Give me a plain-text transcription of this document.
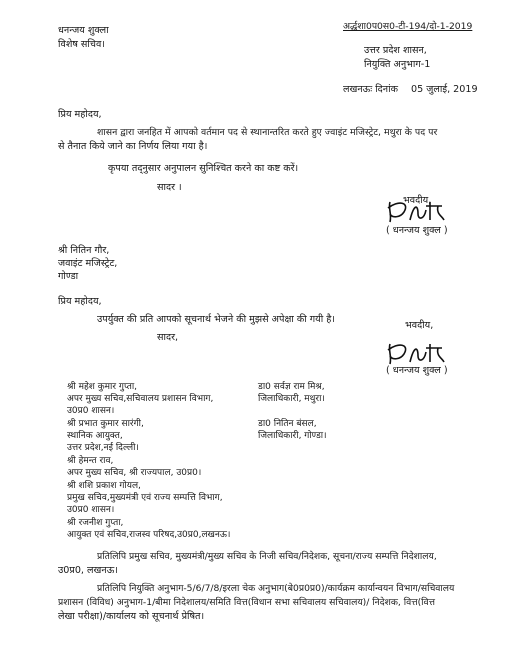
धनन्जय शुक्ला
विशेष सचिव।
अर्द्धशा0प0स0-टी-194/दो-1-2019
उत्तर प्रदेश शासन,
नियुक्ति अनुभाग-1
लखनऊः दिनांक 05 जुलाई, 2019
प्रिय महोदय,
शासन द्वारा जनहित में आपको वर्तमान पद से स्थानान्तरित करते हुए ज्वाइंट मजिस्ट्रेट, मथुरा के पद पर
से तैनात किये जाने का निर्णय लिया गया है।
कृपया तद्‌नुसार अनुपालन सुनिश्चित करने का कष्ट करें।
सादर ।
भवदीय,
( धनन्जय शुक्ल )
श्री नितिन गौर,
जवाइंट मजिस्ट्रेट,
गोण्डा
प्रिय महोदय,
उपर्युक्त की प्रति आपको सूचनार्थ भेजने की मुझसे अपेक्षा की गयी है।
सादर,
भवदीय,
( धनन्जय शुक्ल )
श्री महेश कुमार गुप्ता,
अपर मुख्य सचिव,सचिवालय प्रशासन विभाग,
उ0प्र0 शासन।
श्री प्रभात कुमार सारंगी,
स्थानिक आयुक्त,
उत्तर प्रदेश,नई दिल्ली।
श्री हेमन्त राव,
अपर मुख्य सचिव, श्री राज्यपाल, उ0प्र0।
श्री शशि प्रकाश गोयल,
प्रमुख सचिव,मुख्यमंत्री एवं राज्य सम्पत्ति विभाग,
उ0प्र0 शासन।
श्री रजनीश गुप्ता,
आयुक्त एवं सचिव,राजस्व परिषद,उ0प्र0,लखनऊ।
डा0 सर्वज्ञ राम मिश्र,
जिलाधिकारी, मथुरा।
डा0 नितिन बंसल,
जिलाधिकारी, गोण्डा।
प्रतिलिपि प्रमुख सचिव, मुख्यमंत्री/मुख्य सचिव के निजी सचिव/निदेशक, सूचना/राज्य सम्पत्ति निदेशालय,
उ0प्र0, लखनऊ।
प्रतिलिपि नियुक्ति अनुभाग-5/6/7/8/इरला चेक अनुभाग(बे0प्र0प्र0)/कार्यक्रम कार्यान्वयन विभाग/सचिवालय
प्रशासन (विविध) अनुभाग-1/बीमा निदेशालय/समिति वित्त(विधान सभा सचिवालय सचिवालय)/ निदेशक, वित्त(वित्त
लेखा परीक्षा)/कार्यालय को सूचनार्थ प्रेषित।
